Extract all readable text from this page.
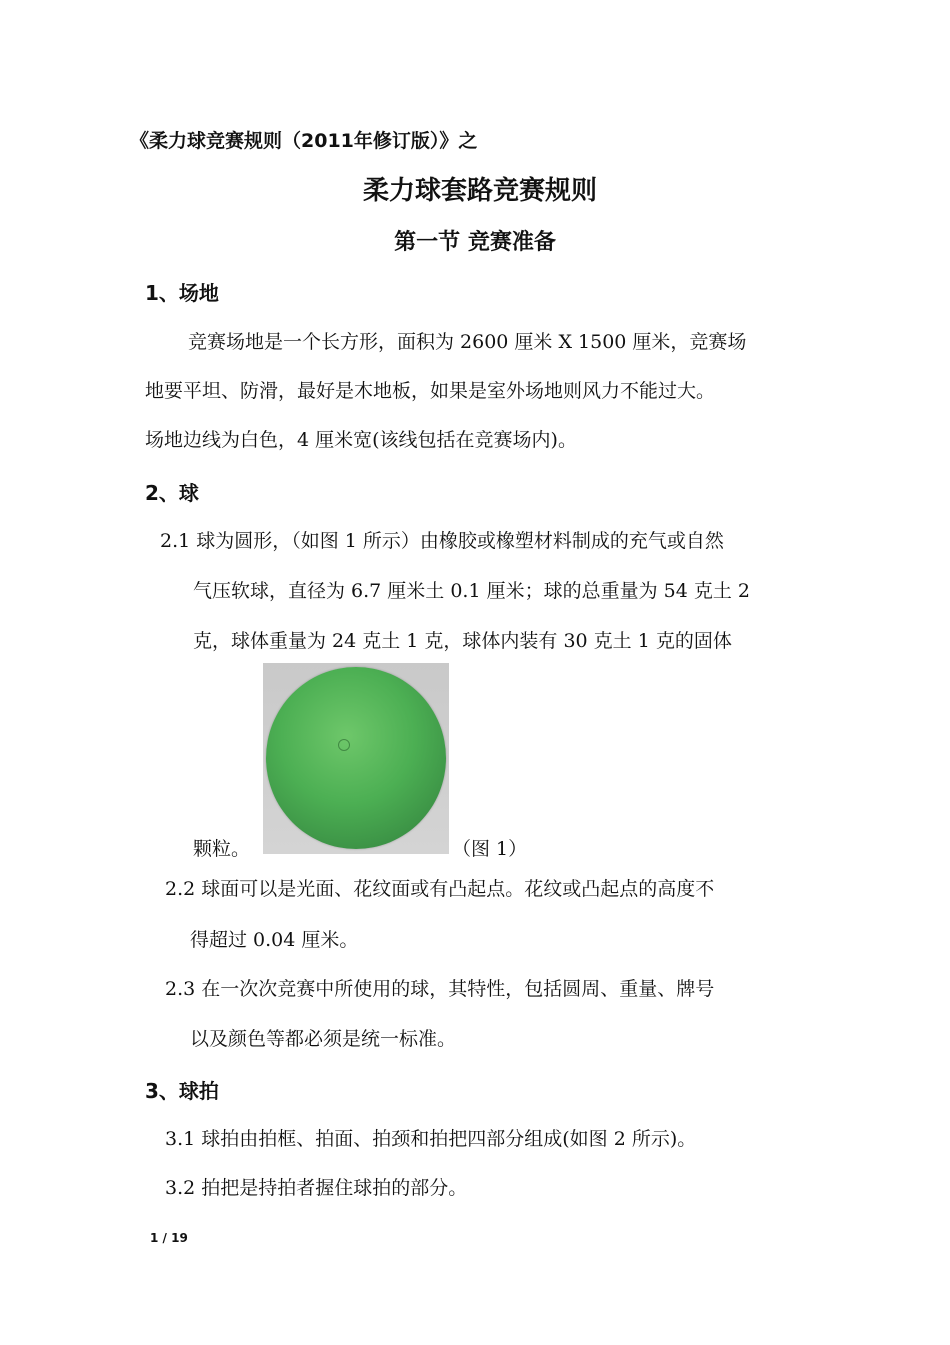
《柔力球竞赛规则（2011年修订版）》之
柔力球套路竞赛规则
第一节 竞赛准备
1、场地
竞赛场地是一个长方形，面积为 2600 厘米 X 1500 厘米，竞赛场
地要平坦、防滑，最好是木地板，如果是室外场地则风力不能过大。
场地边线为白色，4 厘米宽(该线包括在竞赛场内)。
2、球
2.1 球为圆形，（如图 1 所示）由橡胶或橡塑材料制成的充气或自然
气压软球，直径为 6.7 厘米土 0.1 厘米；球的总重量为 54 克土 2
克，球体重量为 24 克土 1 克，球体内装有 30 克土 1 克的固体
颗粒。	（图 1）
2.2 球面可以是光面、花纹面或有凸起点。花纹或凸起点的高度不
得超过 0.04 厘米。
2.3 在一次次竞赛中所使用的球，其特性，包括圆周、重量、牌号
以及颜色等都必须是统一标准。
3、球拍
3.1 球拍由拍框、拍面、拍颈和拍把四部分组成(如图 2 所示)。
3.2 拍把是持拍者握住球拍的部分。
1 / 19
